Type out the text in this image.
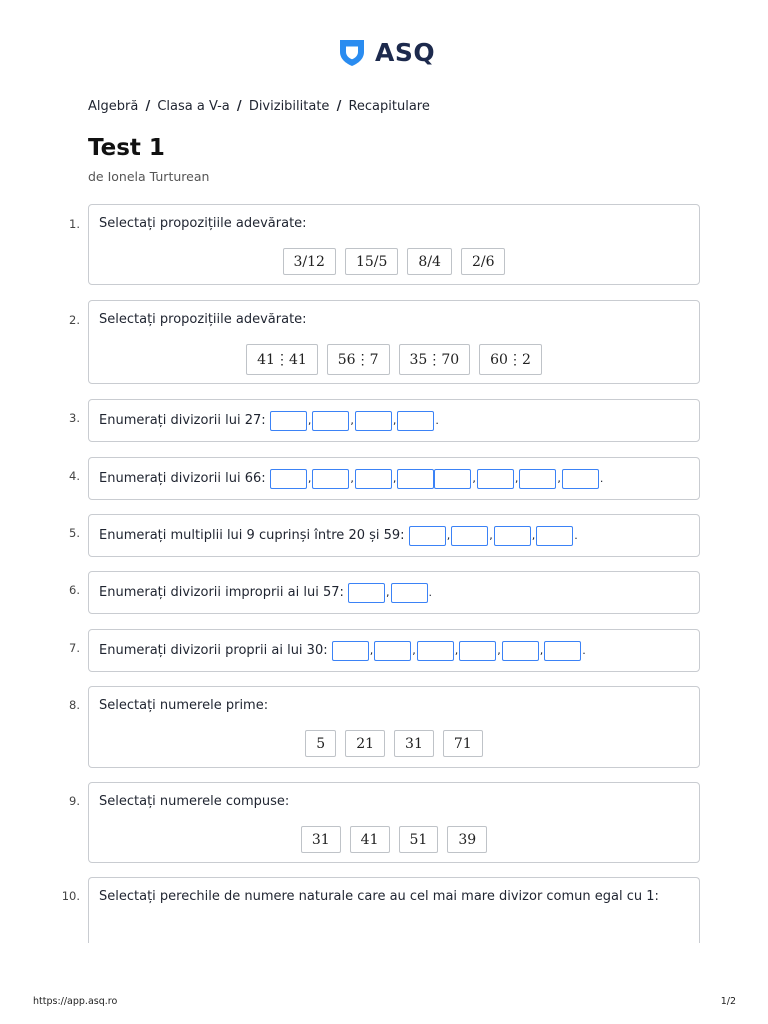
ASQ
Algebră / Clasa a V-a / Divizibilitate / Recapitulare
Test 1
de Ionela Turturean
1. Selectați propozițiile adevărate:
3/12	15/5	8/4	2/6
2. Selectați propozițiile adevărate:
41⋮41	56⋮7	35⋮70	60⋮2
3. Enumerați divizorii lui 27:
	,	,	,	.
4. Enumerați divizorii lui 66:
	,	,	,	,	,	,	.
5. Enumerați multiplii lui 9 cuprinși între 20 și 59:
	,	,	,	.
6. Enumerați divizorii improprii ai lui 57:
	,	.
7. Enumerați divizorii proprii ai lui 30:
	,	,	,	,	,	.
8. Selectați numerele prime:
5	21	31	71
9. Selectați numerele compuse:
31	41	51	39
10. Selectați perechile de numere naturale care au cel mai mare divizor comun egal cu 1:
https://app.asq.ro	1/2
